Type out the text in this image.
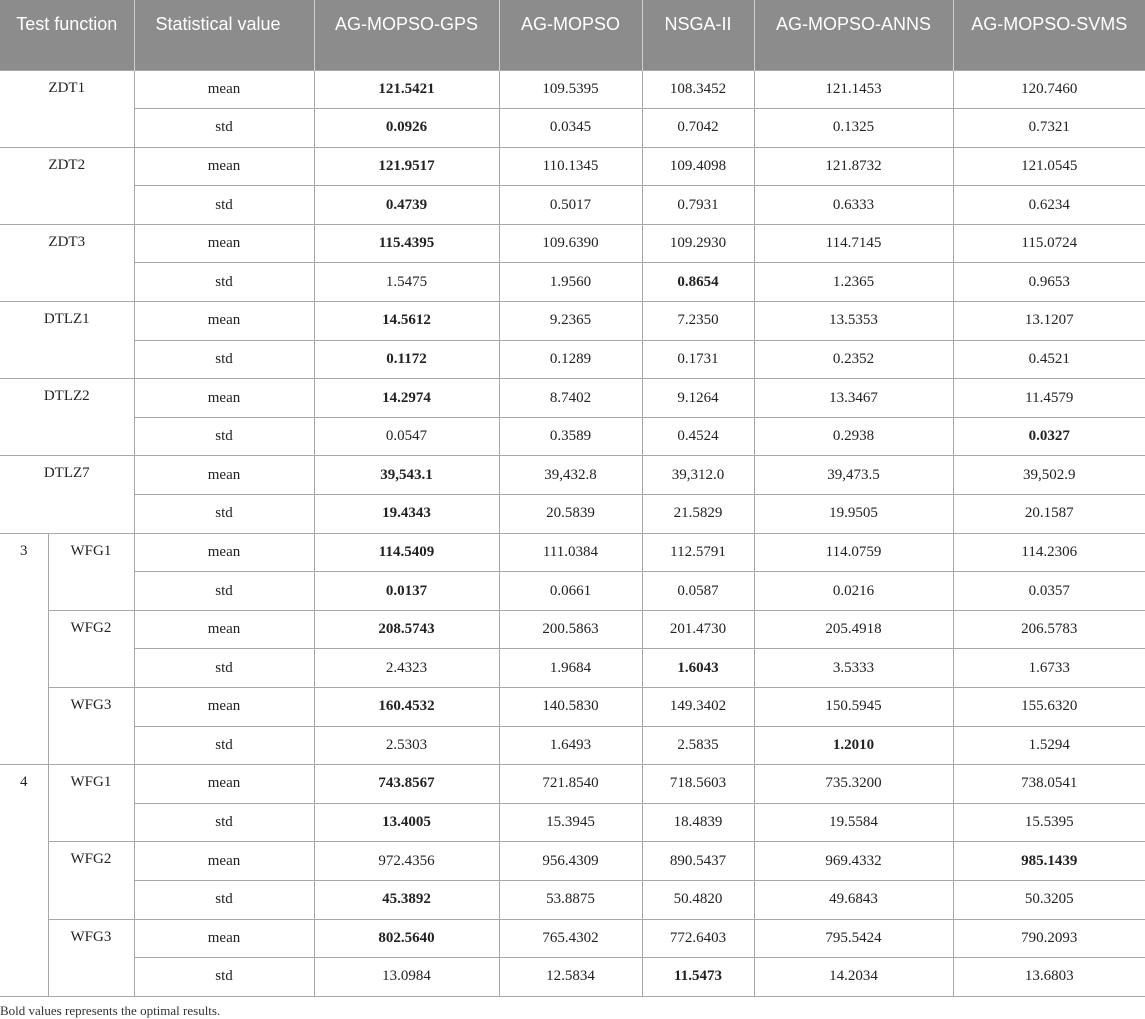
Test function		Statistical value	AG-MOPSO-GPS	AG-MOPSO	NSGA-II	AG-MOPSO-ANNS	AG-MOPSO-SVMS
ZDT1		mean	121.5421	109.5395	108.3452	121.1453	120.7460
		std	0.0926	0.0345	0.7042	0.1325	0.7321
ZDT2		mean	121.9517	110.1345	109.4098	121.8732	121.0545
		std	0.4739	0.5017	0.7931	0.6333	0.6234
ZDT3		mean	115.4395	109.6390	109.2930	114.7145	115.0724
		std	1.5475	1.9560	0.8654	1.2365	0.9653
DTLZ1		mean	14.5612	9.2365	7.2350	13.5353	13.1207
		std	0.1172	0.1289	0.1731	0.2352	0.4521
DTLZ2		mean	14.2974	8.7402	9.1264	13.3467	11.4579
		std	0.0547	0.3589	0.4524	0.2938	0.0327
DTLZ7		mean	39,543.1	39,432.8	39,312.0	39,473.5	39,502.9
		std	19.4343	20.5839	21.5829	19.9505	20.1587
3	WFG1	mean	114.5409	111.0384	112.5791	114.0759	114.2306
		std	0.0137	0.0661	0.0587	0.0216	0.0357
	WFG2	mean	208.5743	200.5863	201.4730	205.4918	206.5783
		std	2.4323	1.9684	1.6043	3.5333	1.6733
	WFG3	mean	160.4532	140.5830	149.3402	150.5945	155.6320
		std	2.5303	1.6493	2.5835	1.2010	1.5294
4	WFG1	mean	743.8567	721.8540	718.5603	735.3200	738.0541
		std	13.4005	15.3945	18.4839	19.5584	15.5395
	WFG2	mean	972.4356	956.4309	890.5437	969.4332	985.1439
		std	45.3892	53.8875	50.4820	49.6843	50.3205
	WFG3	mean	802.5640	765.4302	772.6403	795.5424	790.2093
		std	13.0984	12.5834	11.5473	14.2034	13.6803
Bold values represents the optimal results.
